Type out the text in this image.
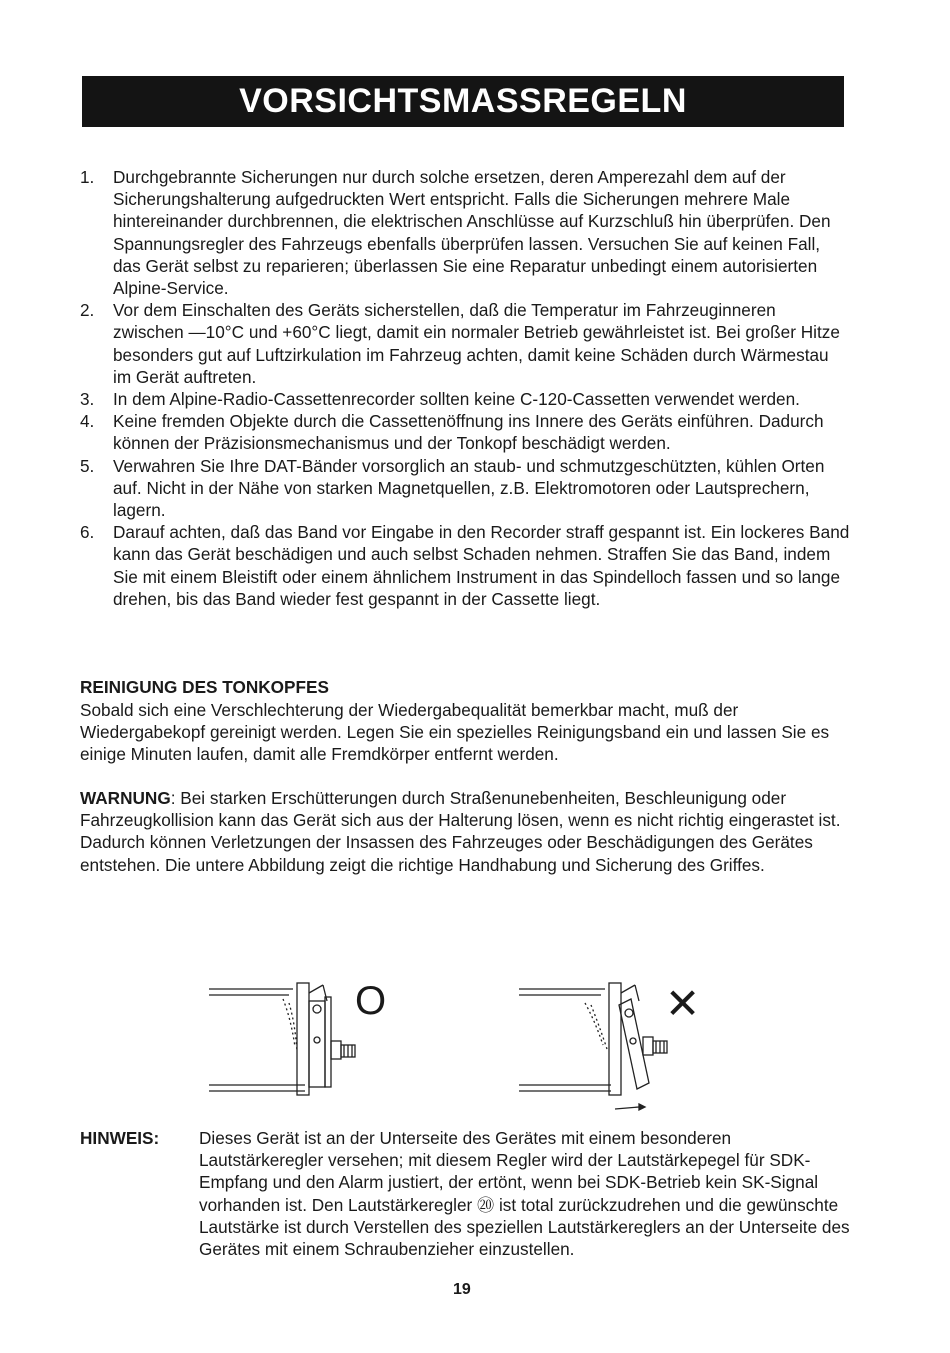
VORSICHTSMASSREGELN
1. Durchgebrannte Sicherungen nur durch solche ersetzen, deren Amperezahl dem auf der Sicherungshalterung aufgedruckten Wert entspricht. Falls die Sicherungen mehrere Male hintereinander durchbrennen, die elektrischen Anschlüsse auf Kurzschluß hin überprüfen. Den Spannungsregler des Fahrzeugs ebenfalls überprüfen lassen. Versuchen Sie auf keinen Fall, das Gerät selbst zu reparieren; überlassen Sie eine Reparatur unbedingt einem autorisierten Alpine-Service.
2. Vor dem Einschalten des Geräts sicherstellen, daß die Temperatur im Fahrzeuginneren zwischen —10°C und +60°C liegt, damit ein normaler Betrieb gewährleistet ist. Bei großer Hitze besonders gut auf Luftzirkulation im Fahrzeug achten, damit keine Schäden durch Wärmestau im Gerät auftreten.
3. In dem Alpine-Radio-Cassettenrecorder sollten keine C-120-Cassetten verwendet werden.
4. Keine fremden Objekte durch die Cassettenöffnung ins Innere des Geräts einführen. Dadurch können der Präzisionsmechanismus und der Tonkopf beschädigt werden.
5. Verwahren Sie Ihre DAT-Bänder vorsorglich an staub- und schmutzgeschützten, kühlen Orten auf. Nicht in der Nähe von starken Magnetquellen, z.B. Elektromotoren oder Lautsprechern, lagern.
6. Darauf achten, daß das Band vor Eingabe in den Recorder straff gespannt ist. Ein lockeres Band kann das Gerät beschädigen und auch selbst Schaden nehmen. Straffen Sie das Band, indem Sie mit einem Bleistift oder einem ähnlichem Instrument in das Spindelloch fassen und so lange drehen, bis das Band wieder fest gespannt in der Cassette liegt.
REINIGUNG DES TONKOPFES
Sobald sich eine Verschlechterung der Wiedergabequalität bemerkbar macht, muß der Wiedergabekopf gereinigt werden. Legen Sie ein spezielles Reinigungsband ein und lassen Sie es einige Minuten laufen, damit alle Fremdkörper entfernt werden.
WARNUNG: Bei starken Erschütterungen durch Straßenunebenheiten, Beschleunigung oder Fahrzeugkollision kann das Gerät sich aus der Halterung lösen, wenn es nicht richtig eingerastet ist. Dadurch können Verletzungen der Insassen des Fahrzeuges oder Beschädigungen des Gerätes entstehen. Die untere Abbildung zeigt die richtige Handhabung und Sicherung des Griffes.
O	✕
HINWEIS: Dieses Gerät ist an der Unterseite des Gerätes mit einem besonderen Lautstärkeregler versehen; mit diesem Regler wird der Lautstärkepegel für SDK-Empfang und den Alarm justiert, der ertönt, wenn bei SDK-Betrieb kein SK-Signal vorhanden ist. Den Lautstärkeregler ⑳ ist total zurückzudrehen und die gewünschte Lautstärke ist durch Verstellen des speziellen Lautstärkereglers an der Unterseite des Gerätes mit einem Schraubenzieher einzustellen.
19
